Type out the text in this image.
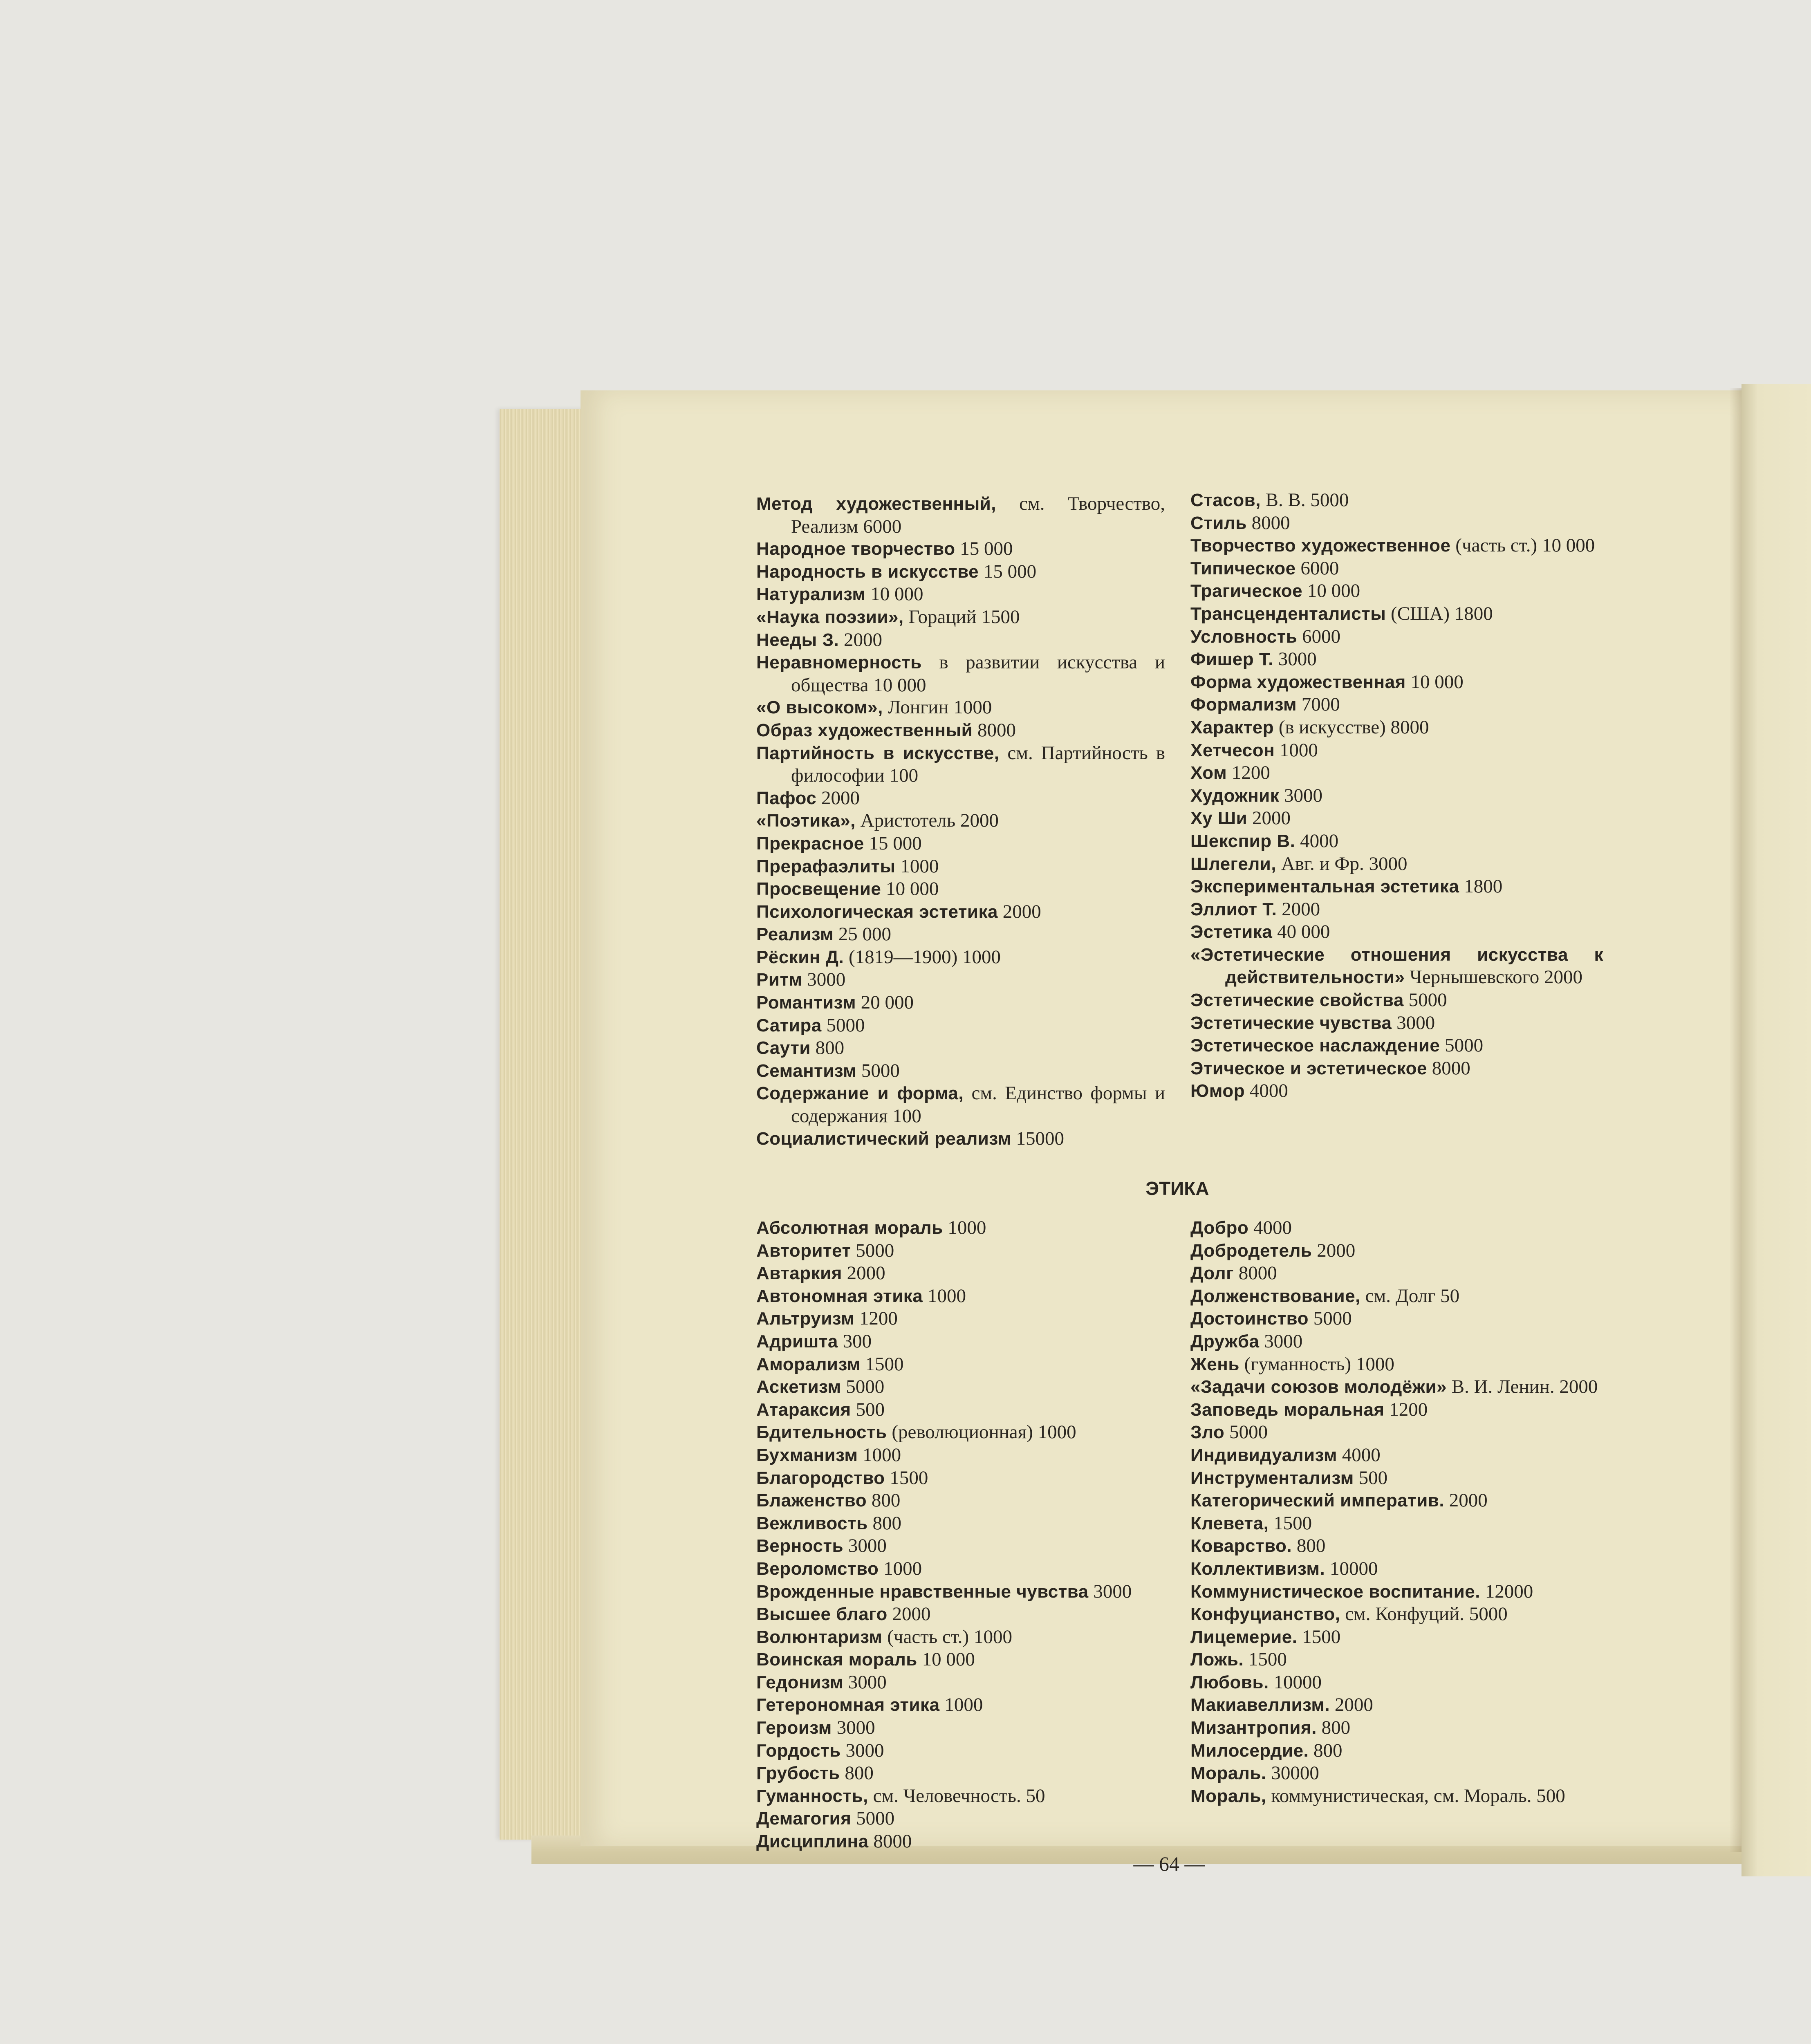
Метод художественный, см. Творчество, Реализм 6000
Народное творчество 15 000
Народность в искусстве 15 000
Натурализм 10 000
«Наука поэзии», Гораций 1500
Нееды З. 2000
Неравномерность в развитии искусства и общества 10 000
«О высоком», Лонгин 1000
Образ художественный 8000
Партийность в искусстве, см. Партийность в философии 100
Пафос 2000
«Поэтика», Аристотель 2000
Прекрасное 15 000
Прерафаэлиты 1000
Просвещение 10 000
Психологическая эстетика 2000
Реализм 25 000
Рёскин Д. (1819—1900) 1000
Ритм 3000
Романтизм 20 000
Сатира 5000
Саути 800
Семантизм 5000
Содержание и форма, см. Единство формы и содержания 100
Социалистический реализм 15000
Стасов, В. В. 5000
Стиль 8000
Творчество художественное (часть ст.) 10 000
Типическое 6000
Трагическое 10 000
Трансценденталисты (США) 1800
Условность 6000
Фишер Т. 3000
Форма художественная 10 000
Формализм 7000
Характер (в искусстве) 8000
Хетчесон 1000
Хом 1200
Художник 3000
Ху Ши 2000
Шекспир В. 4000
Шлегели, Авг. и Фр. 3000
Экспериментальная эстетика 1800
Эллиот Т. 2000
Эстетика 40 000
«Эстетические отношения искусства к действительности» Чернышевского 2000
Эстетические свойства 5000
Эстетические чувства 3000
Эстетическое наслаждение 5000
Этическое и эстетическое 8000
Юмор 4000
ЭТИКА
Абсолютная мораль 1000
Авторитет 5000
Автаркия 2000
Автономная этика 1000
Альтруизм 1200
Адришта 300
Аморализм 1500
Аскетизм 5000
Атараксия 500
Бдительность (революционная) 1000
Бухманизм 1000
Благородство 1500
Блаженство 800
Вежливость 800
Верность 3000
Вероломство 1000
Врожденные нравственные чувства 3000
Высшее благо 2000
Волюнтаризм (часть ст.) 1000
Воинская мораль 10 000
Гедонизм 3000
Гетерономная этика 1000
Героизм 3000
Гордость 3000
Грубость 800
Гуманность, см. Человечность. 50
Демагогия 5000
Дисциплина 8000
Добро 4000
Добродетель 2000
Долг 8000
Долженствование, см. Долг 50
Достоинство 5000
Дружба 3000
Жень (гуманность) 1000
«Задачи союзов молодёжи» В. И. Ленин. 2000
Заповедь моральная 1200
Зло 5000
Индивидуализм 4000
Инструментализм 500
Категорический императив. 2000
Клевета, 1500
Коварство. 800
Коллективизм. 10000
Коммунистическое воспитание. 12000
Конфуцианство, см. Конфуций. 5000
Лицемерие. 1500
Ложь. 1500
Любовь. 10000
Макиавеллизм. 2000
Мизантропия. 800
Милосердие. 800
Мораль. 30000
Мораль, коммунистическая, см. Мораль. 500
— 64 —
